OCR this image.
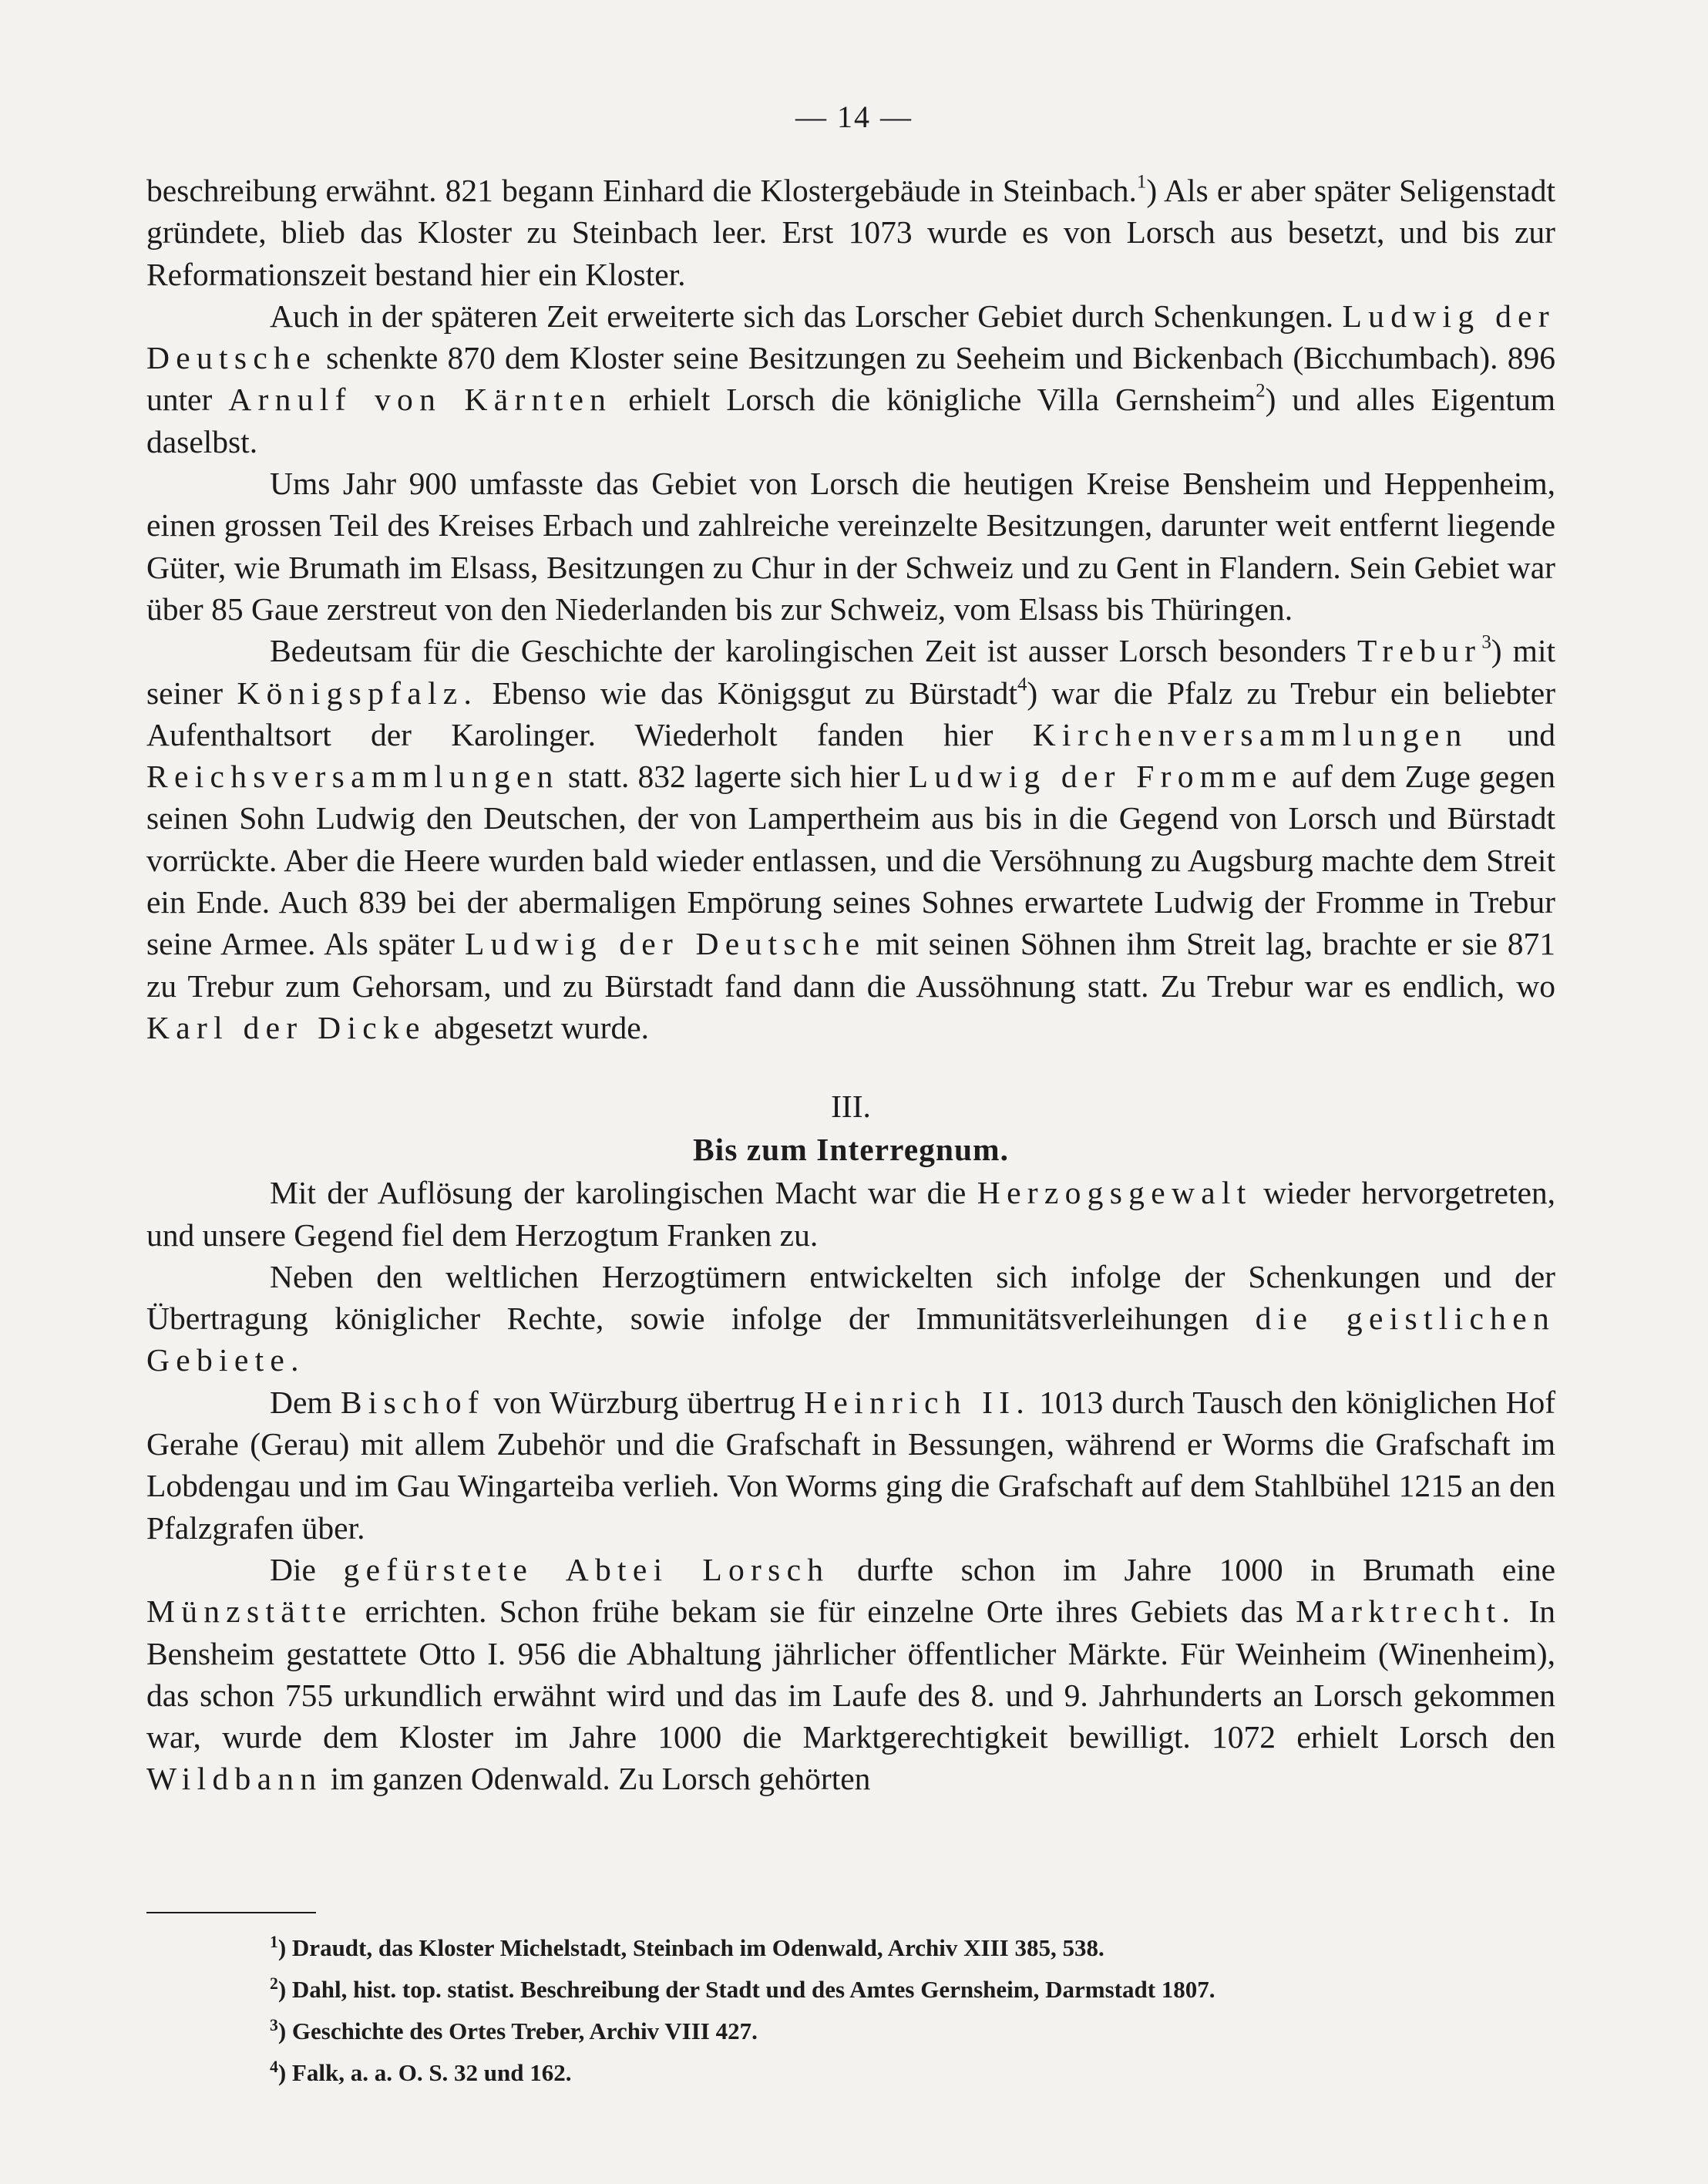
— 14 —

beschreibung erwähnt. 821 begann Einhard die Klostergebäude in Steinbach.$^1$) Als er aber später Seligenstadt gründete, blieb das Kloster zu Steinbach leer. Erst 1073 wurde es von Lorsch aus besetzt, und bis zur Reformationszeit bestand hier ein Kloster.

Auch in der späteren Zeit erweiterte sich das Lorscher Gebiet durch Schenkungen. Ludwig der Deutsche schenkte 870 dem Kloster seine Besitzungen zu Seeheim und Bickenbach (Bicchumbach). 896 unter Arnulf von Kärnten erhielt Lorsch die königliche Villa Gernsheim$^2$) und alles Eigentum daselbst.

Ums Jahr 900 umfasste das Gebiet von Lorsch die heutigen Kreise Bensheim und Heppenheim, einen grossen Teil des Kreises Erbach und zahlreiche vereinzelte Besitzungen, darunter weit entfernt liegende Güter, wie Brumath im Elsass, Besitzungen zu Chur in der Schweiz und zu Gent in Flandern. Sein Gebiet war über 85 Gaue zerstreut von den Niederlanden bis zur Schweiz, vom Elsass bis Thüringen.

Bedeutsam für die Geschichte der karolingischen Zeit ist ausser Lorsch besonders Trebur$^3$) mit seiner Königspfalz. Ebenso wie das Königsgut zu Bürstadt$^4$) war die Pfalz zu Trebur ein beliebter Aufenthaltsort der Karolinger. Wiederholt fanden hier Kirchenversammlungen und Reichsversammlungen statt. 832 lagerte sich hier Ludwig der Fromme auf dem Zuge gegen seinen Sohn Ludwig den Deutschen, der von Lampertheim aus bis in die Gegend von Lorsch und Bürstadt vorrückte. Aber die Heere wurden bald wieder entlassen, und die Versöhnung zu Augsburg machte dem Streit ein Ende. Auch 839 bei der abermaligen Empörung seines Sohnes erwartete Ludwig der Fromme in Trebur seine Armee. Als später Ludwig der Deutsche mit seinen Söhnen ihm Streit lag, brachte er sie 871 zu Trebur zum Gehorsam, und zu Bürstadt fand dann die Aussöhnung statt. Zu Trebur war es endlich, wo Karl der Dicke abgesetzt wurde.

III.
Bis zum Interregnum.

Mit der Auflösung der karolingischen Macht war die Herzogsgewalt wieder hervorgetreten, und unsere Gegend fiel dem Herzogtum Franken zu.

Neben den weltlichen Herzogtümern entwickelten sich infolge der Schenkungen und der Übertragung königlicher Rechte, sowie infolge der Immunitätsverleihungen die geistlichen Gebiete.

Dem Bischof von Würzburg übertrug Heinrich II. 1013 durch Tausch den königlichen Hof Gerahe (Gerau) mit allem Zubehör und die Grafschaft in Bessungen, während er Worms die Grafschaft im Lobdengau und im Gau Wingarteiba verlieh. Von Worms ging die Grafschaft auf dem Stahlbühel 1215 an den Pfalzgrafen über.

Die gefürstete Abtei Lorsch durfte schon im Jahre 1000 in Brumath eine Münzstätte errichten. Schon frühe bekam sie für einzelne Orte ihres Gebiets das Marktrecht. In Bensheim gestattete Otto I. 956 die Abhaltung jährlicher öffentlicher Märkte. Für Weinheim (Winenheim), das schon 755 urkundlich erwähnt wird und das im Laufe des 8. und 9. Jahrhunderts an Lorsch gekommen war, wurde dem Kloster im Jahre 1000 die Marktgerechtigkeit bewilligt. 1072 erhielt Lorsch den Wildbann im ganzen Odenwald. Zu Lorsch gehörten

$^1$) Draudt, das Kloster Michelstadt, Steinbach im Odenwald, Archiv XIII 385, 538.

$^2$) Dahl, hist. top. statist. Beschreibung der Stadt und des Amtes Gernsheim, Darmstadt 1807.

$^3$) Geschichte des Ortes Treber, Archiv VIII 427.

$^4$) Falk, a. a. O. S. 32 und 162.
